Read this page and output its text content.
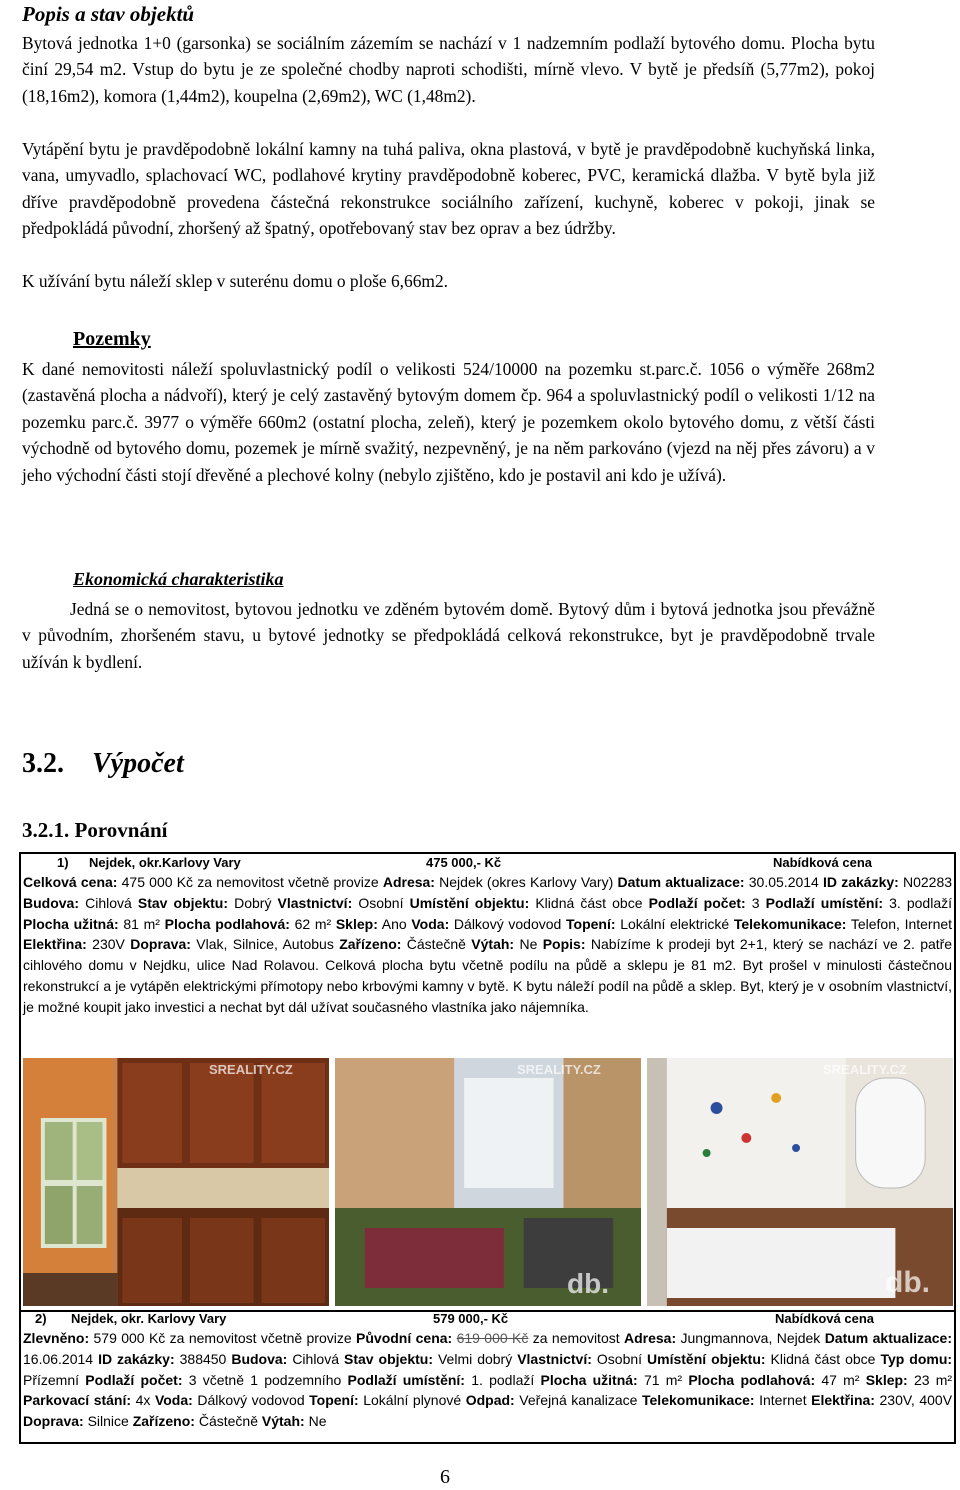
Popis a stav objektů

Bytová jednotka 1+0 (garsonka) se sociálním zázemím se nachází v 1 nadzemním podlaží bytového domu. Plocha bytu činí 29,54 m2. Vstup do bytu je ze společné chodby naproti schodišti, mírně vlevo. V bytě je předsíň (5,77m2), pokoj (18,16m2), komora (1,44m2), koupelna (2,69m2), WC (1,48m2).

Vytápění bytu je pravděpodobně lokální kamny na tuhá paliva, okna plastová, v bytě je pravděpodobně kuchyňská linka, vana, umyvadlo, splachovací WC, podlahové krytiny pravděpodobně koberec, PVC, keramická dlažba. V bytě byla již dříve pravděpodobně provedena částečná rekonstrukce sociálního zařízení, kuchyně, koberec v pokoji, jinak se předpokládá původní, zhoršený až špatný, opotřebovaný stav bez oprav a bez údržby.

K užívání bytu náleží sklep v suterénu domu o ploše 6,66m2.

Pozemky

K dané nemovitosti náleží spoluvlastnický podíl o velikosti 524/10000 na pozemku st.parc.č. 1056 o výměře 268m2 (zastavěná plocha a nádvoří), který je celý zastavěný bytovým domem čp. 964 a spoluvlastnický podíl o velikosti 1/12 na pozemku parc.č. 3977 o výměře 660m2 (ostatní plocha, zeleň), který je pozemkem okolo bytového domu, z větší části východně od bytového domu, pozemek je mírně svažitý, nezpevněný, je na něm parkováno (vjezd na něj přes závoru) a v jeho východní části stojí dřevěné a plechové kolny (nebylo zjištěno, kdo je postavil ani kdo je užívá).

Ekonomická charakteristika

Jedná se o nemovitost, bytovou jednotku ve zděném bytovém domě. Bytový dům i bytová jednotka jsou převážně v původním, zhoršeném stavu, u bytové jednotky se předpokládá celková rekonstrukce, byt je pravděpodobně trvale užíván k bydlení.

3.2. Výpočet
3.2.1. Porovnání
1) Nejdek, okr.Karlovy Vary	475 000,- Kč	Nabídková cena
Celková cena: 475 000 Kč za nemovitost včetně provize Adresa: Nejdek (okres Karlovy Vary) Datum aktualizace: 30.05.2014 ID zakázky: N02283 Budova: Cihlová Stav objektu: Dobrý Vlastnictví: Osobní Umístění objektu: Klidná část obce Podlaží počet: 3 Podlaží umístění: 3. podlaží Plocha užitná: 81 m² Plocha podlahová: 62 m² Sklep: Ano Voda: Dálkový vodovod Topení: Lokální elektrické Telekomunikace: Telefon, Internet Elektřina: 230V Doprava: Vlak, Silnice, Autobus Zařízeno: Částečně Výtah: Ne Popis: Nabízíme k prodeji byt 2+1, který se nachází ve 2. patře cihlového domu v Nejdku, ulice Nad Rolavou. Celková plocha bytu včetně podílu na půdě a sklepu je 81 m2. Byt prošel v minulosti částečnou rekonstrukcí a je vytápěn elektrickými přímotopy nebo krbovými kamny v bytě. K bytu náleží podíl na půdě a sklep. Byt, který je v osobním vlastnictví, je možné koupit jako investici a nechat byt dál užívat současného vlastníka jako nájemníka.
SREALITY.CZ	SREALITY.CZ
db.
SREALITY.CZ
db.
2) Nejdek, okr. Karlovy Vary	579 000,- Kč	Nabídková cena
Zlevněno: 579 000 Kč za nemovitost včetně provize Původní cena: 619 000 Kč za nemovitost Adresa: Jungmannova, Nejdek Datum aktualizace: 16.06.2014 ID zakázky: 388450 Budova: Cihlová Stav objektu: Velmi dobrý Vlastnictví: Osobní Umístění objektu: Klidná část obce Typ domu: Přízemní Podlaží počet: 3 včetně 1 podzemního Podlaží umístění: 1. podlaží Plocha užitná: 71 m² Plocha podlahová: 47 m² Sklep: 23 m² Parkovací stání: 4x Voda: Dálkový vodovod Topení: Lokální plynové Odpad: Veřejná kanalizace Telekomunikace: Internet Elektřina: 230V, 400V Doprava: Silnice Zařízeno: Částečně Výtah: Ne
6
